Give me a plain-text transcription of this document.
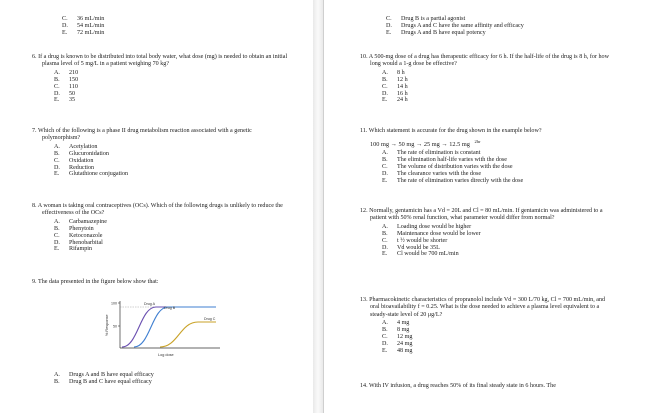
C.	36 mL/min
D.	54 mL/min
E.	72 mL/min

6. If a drug is known to be distributed into total body water, what dose (mg) is needed to obtain an initial plasma level of 5 mg/L in a patient weighing 70 kg?

A.	210
B.	150
C.	110
D.	50
E.	35

7. Which of the following is a phase II drug metabolism reaction associated with a genetic polymorphism?

A.	Acetylation
B.	Glucuronidation
C.	Oxidation
D.	Reduction
E.	Glutathione conjugation

8. A woman is taking oral contraceptives (OCs). Which of the following drugs is unlikely to reduce the effectiveness of the OCs?

A.	Carbamazepine
B.	Phenytoin
C.	Ketoconazole
D.	Phenobarbital
E.	Rifampin

9. The data presented in the figure below show that:

100
50
% Response
Drug A
Drug B
Drug C
Log dose
A.	Drugs A and B have equal efficacy
B.	Drug B and C have equal efficacy
C.	Drug B is a partial agonist
D.	Drugs A and C have the same affinity and efficacy
E.	Drugs A and B have equal potency

10. A 500-mg dose of a drug has therapeutic efficacy for 6 h. If the half-life of the drug is 8 h, for how long would a 1-g dose be effective?

A.	8 h
B.	12 h
C.	14 h
D.	16 h
E.	24 h

11. Which statement is accurate for the drug shown in the example below?

100 mg → 50 mg → 25 mg → 12.5 mg $^{2hr}$

A.	The rate of elimination is constant
B.	The elimination half-life varies with the dose
C.	The volume of distribution varies with the dose
D.	The clearance varies with the dose
E.	The rate of elimination varies directly with the dose

12. Normally, gentamicin has a Vd = 20L and Cl = 80 mL/min. If gentamicin was administered to a patient with 50% renal function, what parameter would differ from normal?

A.	Loading dose would be higher
B.	Maintenance dose would be lower
C.	t ½ would be shorter
D.	Vd would be 35L
E.	Cl would be 700 mL/min

13. Pharmacokinetic characteristics of propranolol include Vd = 300 L/70 kg, Cl = 700 mL/min, and oral bioavailability f = 0.25. What is the dose needed to achieve a plasma level equivalent to a steady-state level of 20 μg/L?

A.	4 mg
B.	8 mg
C.	12 mg
D.	24 mg
E.	48 mg

14. With IV infusion, a drug reaches 50% of its final steady state in 6 hours. The
